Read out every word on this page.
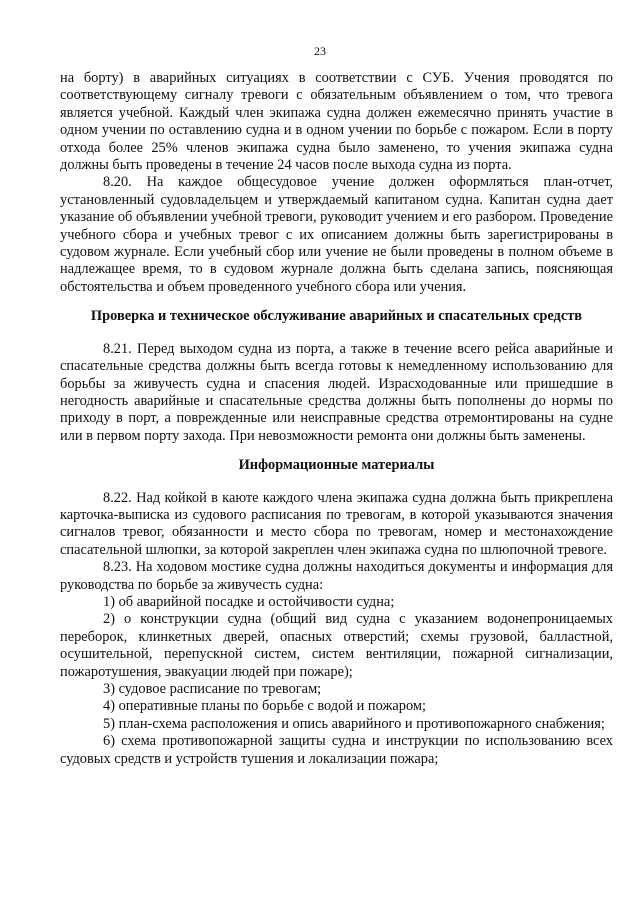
23

на борту) в аварийных ситуациях в соответствии с СУБ. Учения проводятся по соответствующему сигналу тревоги с обязательным объявлением о том, что тревога является учебной. Каждый член экипажа судна должен ежемесячно принять участие в одном учении по оставлению судна и в одном учении по борьбе с пожаром. Если в порту отхода более 25% членов экипажа судна было заменено, то учения экипажа судна должны быть проведены в течение 24 часов после выхода судна из порта.

8.20. На каждое общесудовое учение должен оформляться план-отчет, установленный судовладельцем и утверждаемый капитаном судна. Капитан судна дает указание об объявлении учебной тревоги, руководит учением и его разбором. Проведение учебного сбора и учебных тревог с их описанием должны быть зарегистрированы в судовом журнале. Если учебный сбор или учение не были проведены в полном объеме в надлежащее время, то в судовом журнале должна быть сделана запись, поясняющая обстоятельства и объем проведенного учебного сбора или учения.

Проверка и техническое обслуживание аварийных и спасательных средств

8.21. Перед выходом судна из порта, а также в течение всего рейса аварийные и спасательные средства должны быть всегда готовы к немедленному использованию для борьбы за живучесть судна и спасения людей. Израсходованные или пришедшие в негодность аварийные и спасательные средства должны быть пополнены до нормы по приходу в порт, а поврежденные или неисправные средства отремонтированы на судне или в первом порту захода. При невозможности ремонта они должны быть заменены.

Информационные материалы

8.22. Над койкой в каюте каждого члена экипажа судна должна быть прикреплена карточка-выписка из судового расписания по тревогам, в которой указываются значения сигналов тревог, обязанности и место сбора по тревогам, номер и местонахождение спасательной шлюпки, за которой закреплен член экипажа судна по шлюпочной тревоге.

8.23. На ходовом мостике судна должны находиться документы и информация для руководства по борьбе за живучесть судна:

1) об аварийной посадке и остойчивости судна;

2) о конструкции судна (общий вид судна с указанием водонепроницаемых переборок, клинкетных дверей, опасных отверстий; схемы грузовой, балластной, осушительной, перепускной систем, систем вентиляции, пожарной сигнализации, пожаротушения, эвакуации людей при пожаре);

3) судовое расписание по тревогам;

4) оперативные планы по борьбе с водой и пожаром;

5) план-схема расположения и опись аварийного и противопожарного снабжения;

6) схема противопожарной защиты судна и инструкции по использованию всех судовых средств и устройств тушения и локализации пожара;
